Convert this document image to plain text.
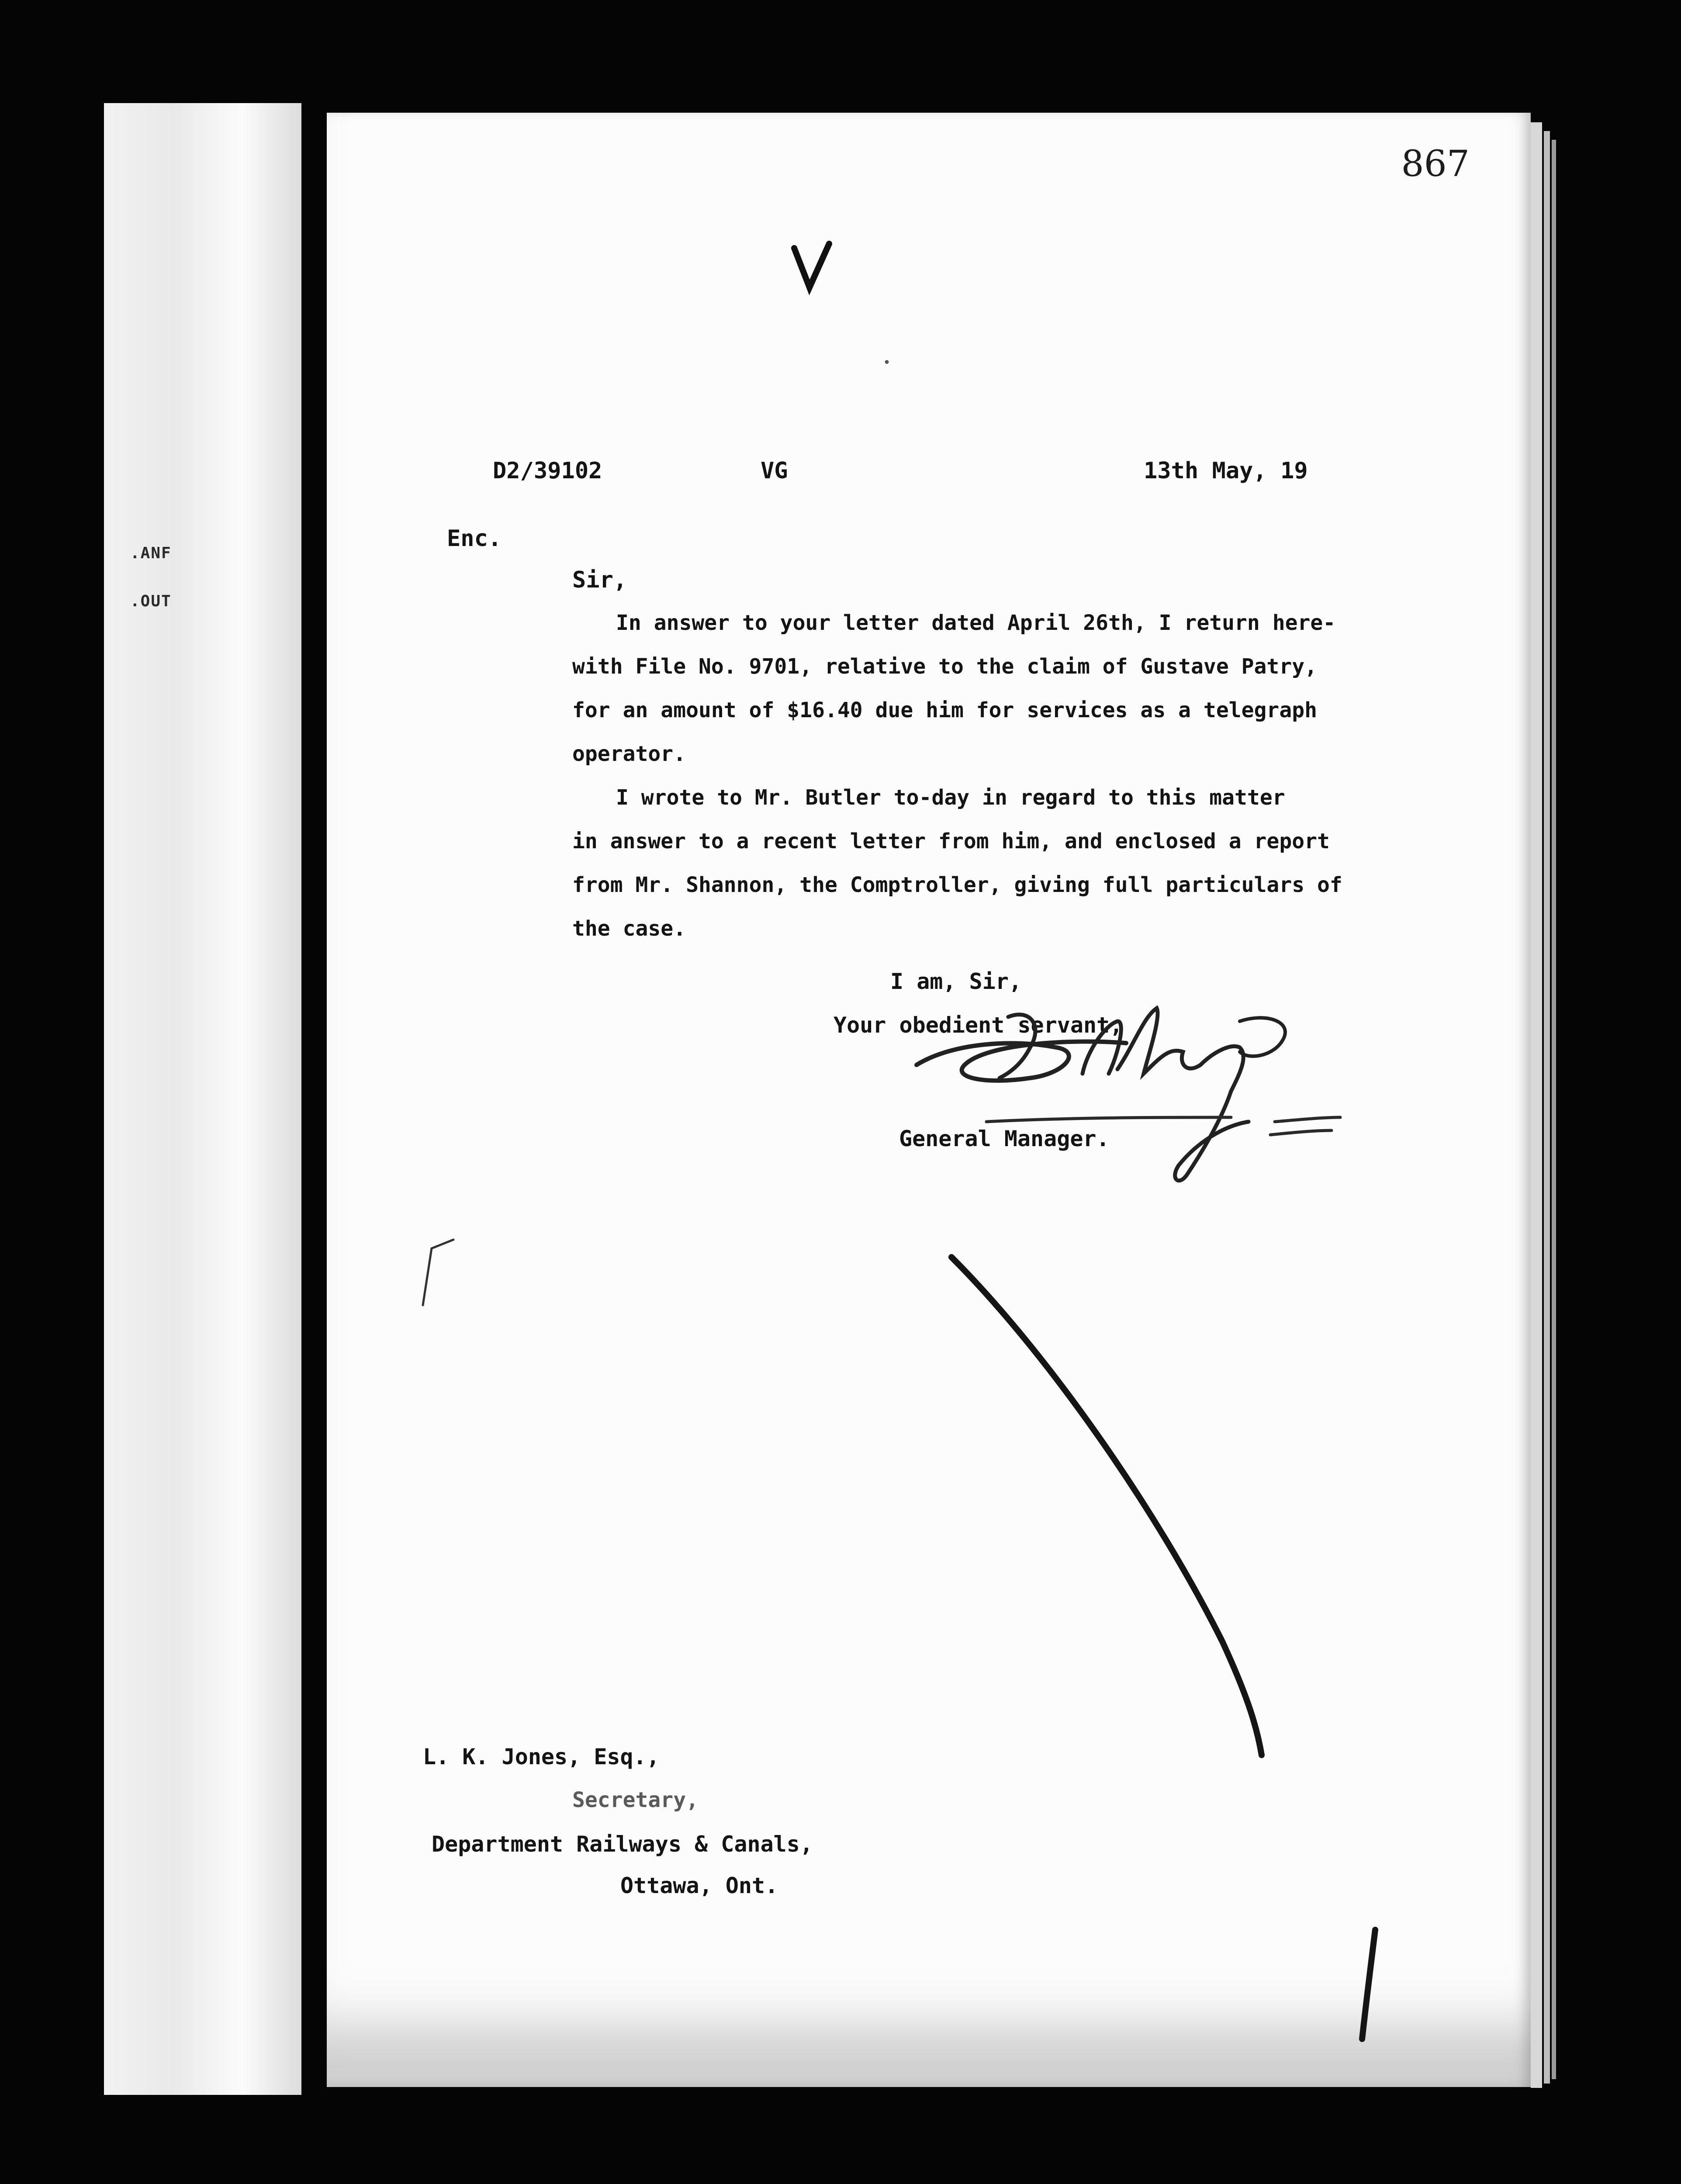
.ANF
.OUT
867
•
D2/39102	VG	13th May, 19
Enc.
Sir,
In answer to your letter dated April 26th, I return here-
with File No. 9701, relative to the claim of Gustave Patry,
for an amount of $16.40 due him for services as a telegraph
operator.
I wrote to Mr. Butler to-day in regard to this matter
in answer to a recent letter from him, and enclosed a report
from Mr. Shannon, the Comptroller, giving full particulars of
the case.
I am, Sir,
Your obedient servant,
General Manager.
L. K. Jones, Esq.,
Secretary,
Department Railways & Canals,
Ottawa, Ont.
